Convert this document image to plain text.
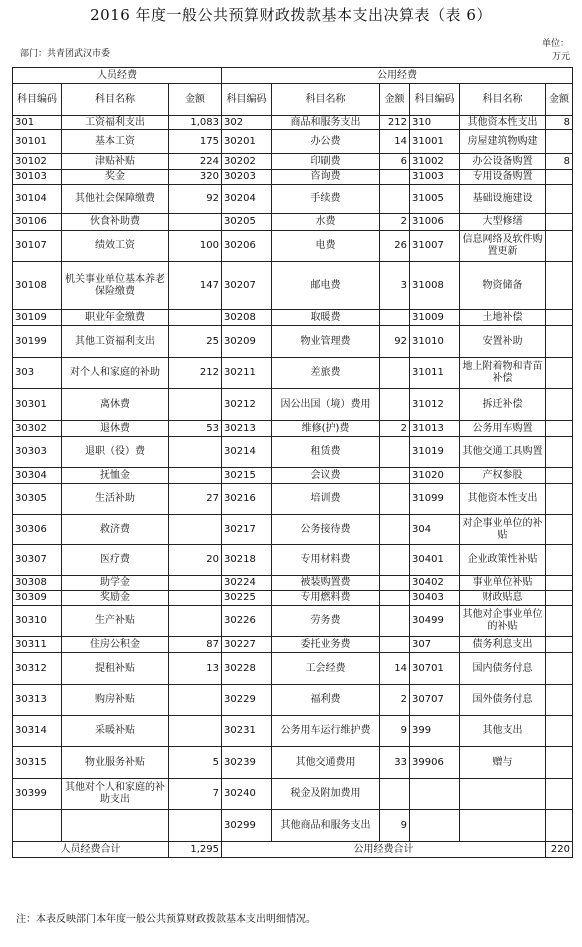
2016 年度一般公共预算财政拨款基本支出决算表（表 6）
部门：共青团武汉市委
单位：
万元
人员经费			公用经费					
科目编码	科目名称	金额	科目编码	科目名称	金额	科目编码	科目名称	金额
301	工资福利支出	1,083	302	商品和服务支出	212	310	其他资本性支出	8
30101	基本工资	175	30201	办公费	14	31001	房屋建筑物购建	
30102	津贴补贴	224	30202	印刷费	6	31002	办公设备购置	8
30103	奖金	320	30203	咨询费		31003	专用设备购置	
30104	其他社会保障缴费	92	30204	手续费		31005	基础设施建设	
30106	伙食补助费		30205	水费	2	31006	大型修缮	
30107	绩效工资	100	30206	电费	26	31007	信息网络及软件购置更新	
30108	机关事业单位基本养老保险缴费	147	30207	邮电费	3	31008	物资储备	
30109	职业年金缴费		30208	取暖费		31009	土地补偿	
30199	其他工资福利支出	25	30209	物业管理费	92	31010	安置补助	
303	对个人和家庭的补助	212	30211	差旅费		31011	地上附着物和青苗补偿	
30301	离休费		30212	因公出国（境）费用		31012	拆迁补偿	
30302	退休费	53	30213	维修(护)费	2	31013	公务用车购置	
30303	退职（役）费		30214	租赁费		31019	其他交通工具购置	
30304	抚恤金		30215	会议费		31020	产权参股	
30305	生活补助	27	30216	培训费		31099	其他资本性支出	
30306	救济费		30217	公务接待费		304	对企事业单位的补贴	
30307	医疗费	20	30218	专用材料费		30401	企业政策性补贴	
30308	助学金		30224	被装购置费		30402	事业单位补贴	
30309	奖励金		30225	专用燃料费		30403	财政贴息	
30310	生产补贴		30226	劳务费		30499	其他对企事业单位的补贴	
30311	住房公积金	87	30227	委托业务费		307	债务利息支出	
30312	提租补贴	13	30228	工会经费	14	30701	国内债务付息	
30313	购房补贴		30229	福利费	2	30707	国外债务付息	
30314	采暖补贴		30231	公务用车运行维护费	9	399	其他支出	
30315	物业服务补贴	5	30239	其他交通费用	33	39906	赠与	
30399	其他对个人和家庭的补助支出	7	30240	税金及附加费用				
			30299	其他商品和服务支出	9			
人员经费合计		1,295	公用经费合计					220
注：本表反映部门本年度一般公共预算财政拨款基本支出明细情况。
